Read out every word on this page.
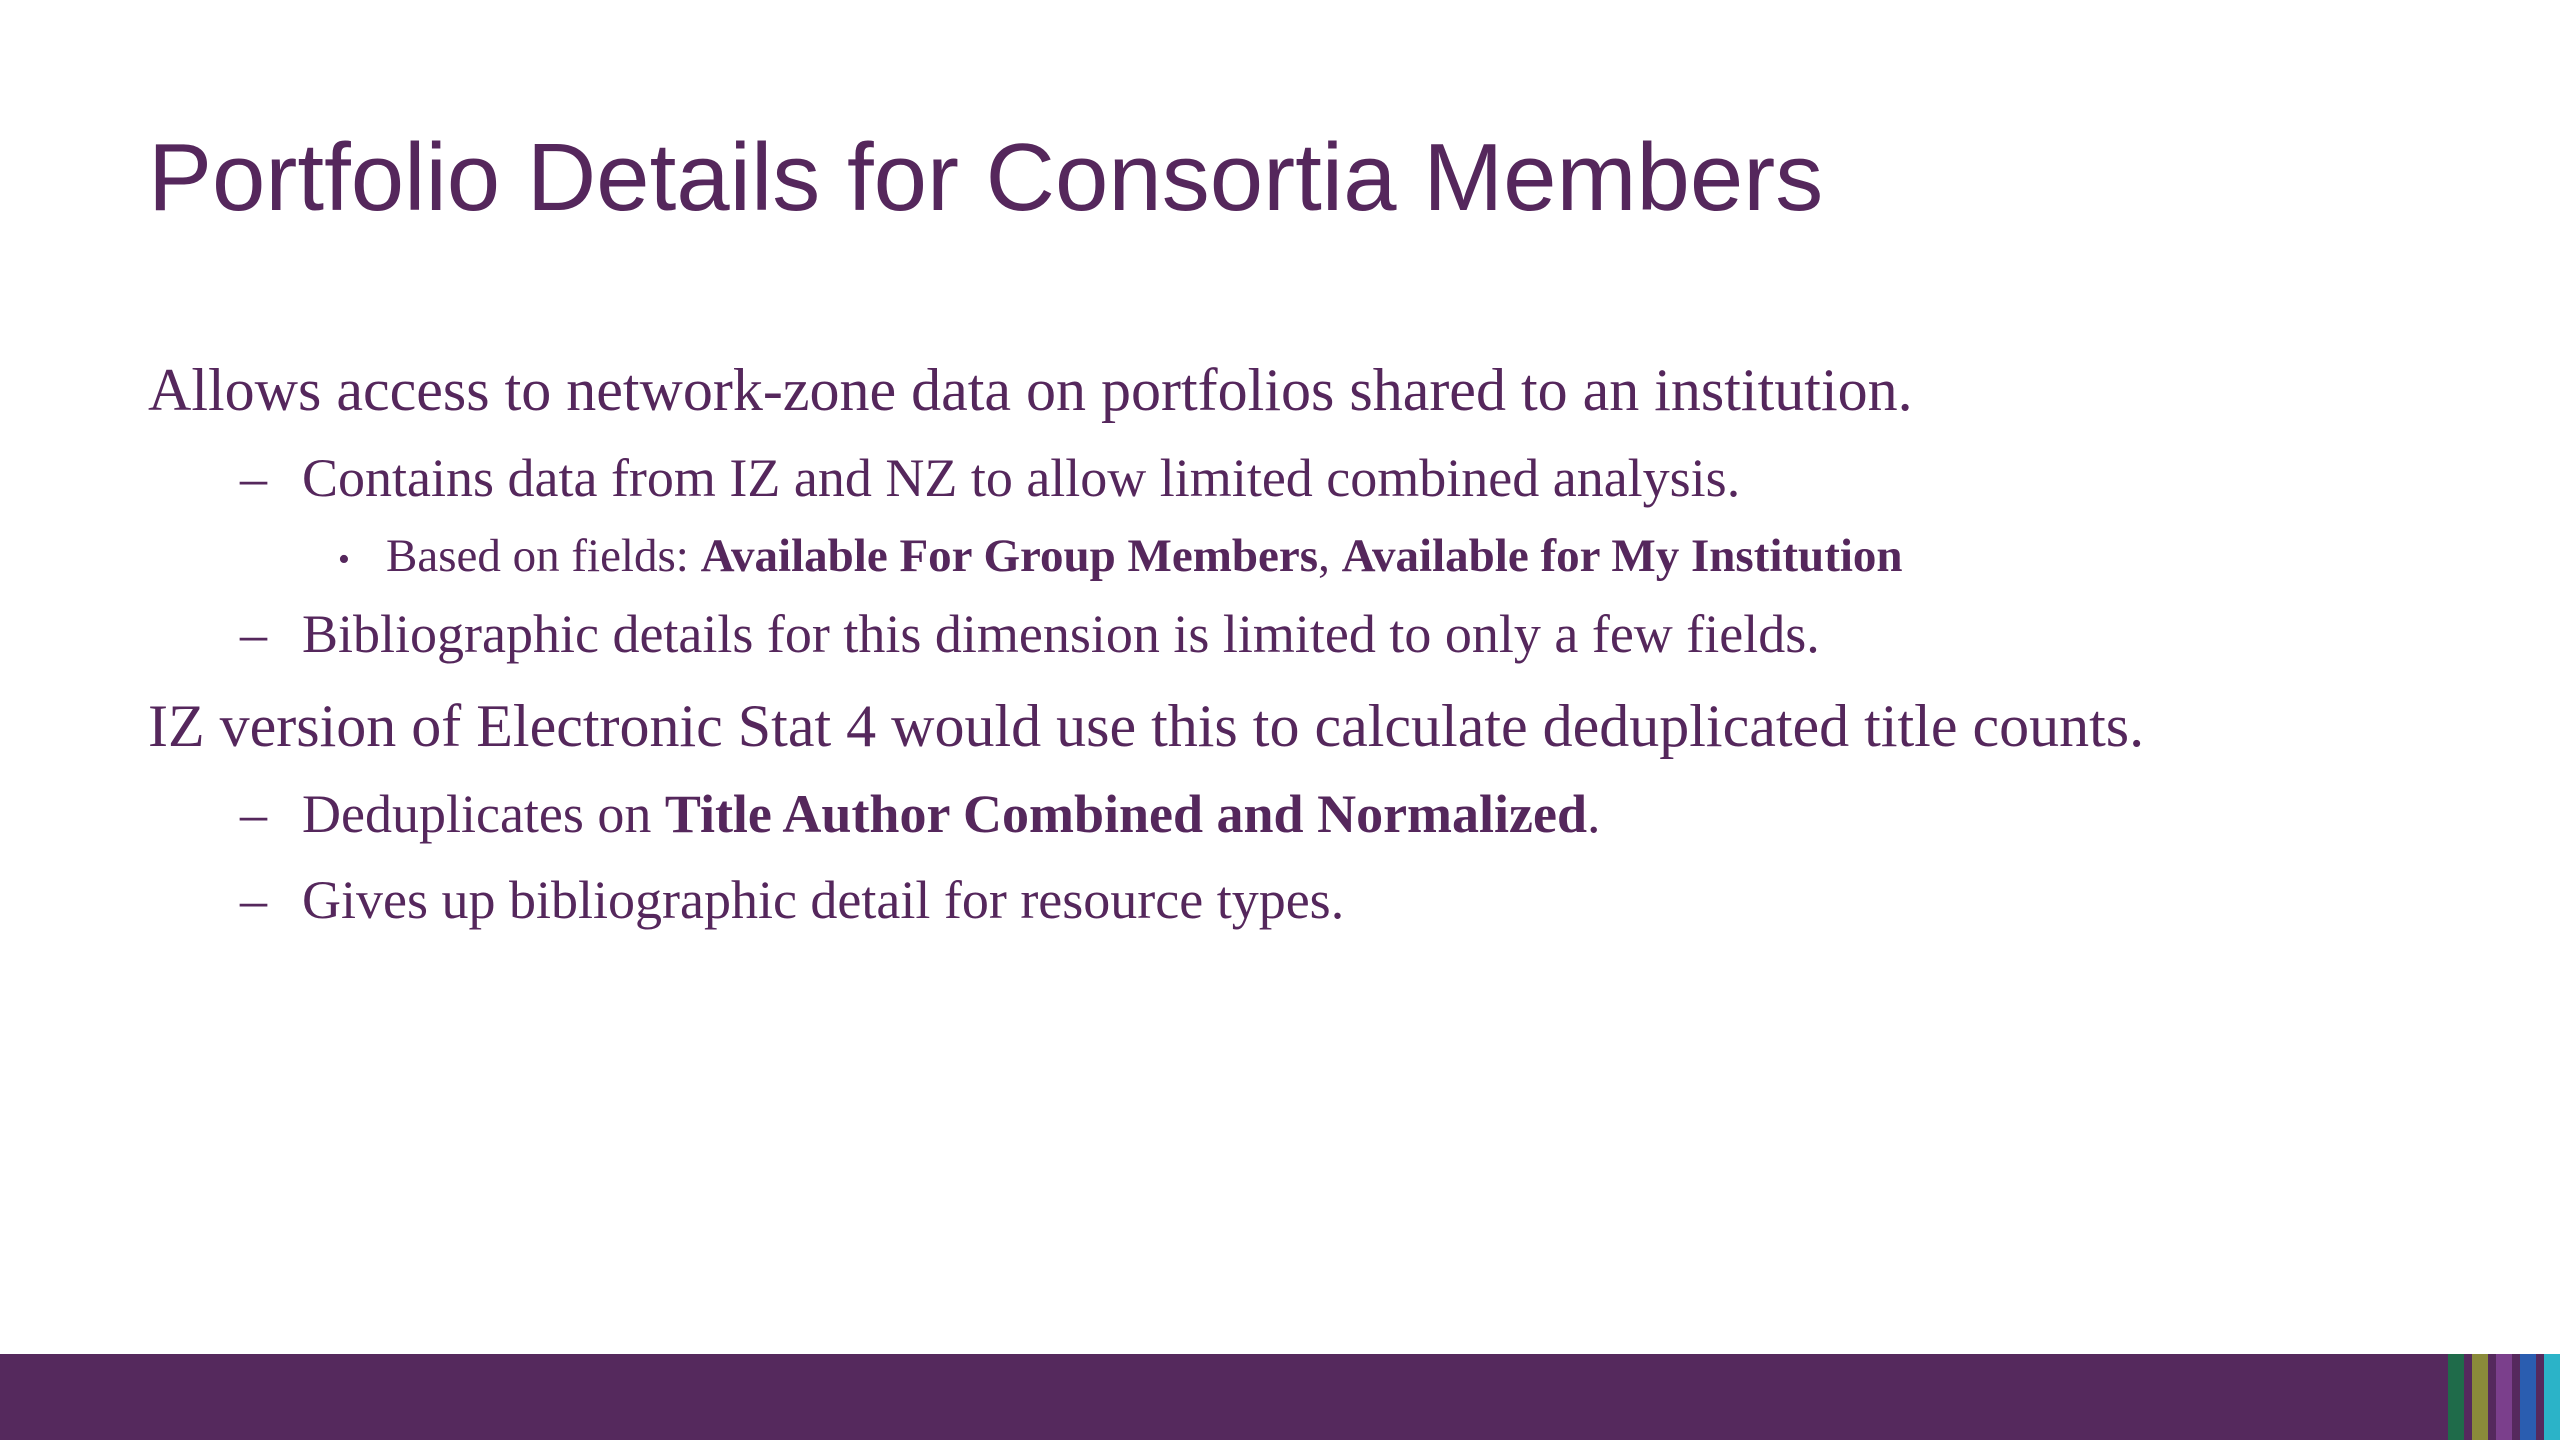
Portfolio Details for Consortia Members
Allows access to network-zone data on portfolios shared to an institution.
– Contains data from IZ and NZ to allow limited combined analysis.
• Based on fields: Available For Group Members, Available for My Institution
– Bibliographic details for this dimension is limited to only a few fields.
IZ version of Electronic Stat 4 would use this to calculate deduplicated title counts.
– Deduplicates on Title Author Combined and Normalized.
– Gives up bibliographic detail for resource types.
